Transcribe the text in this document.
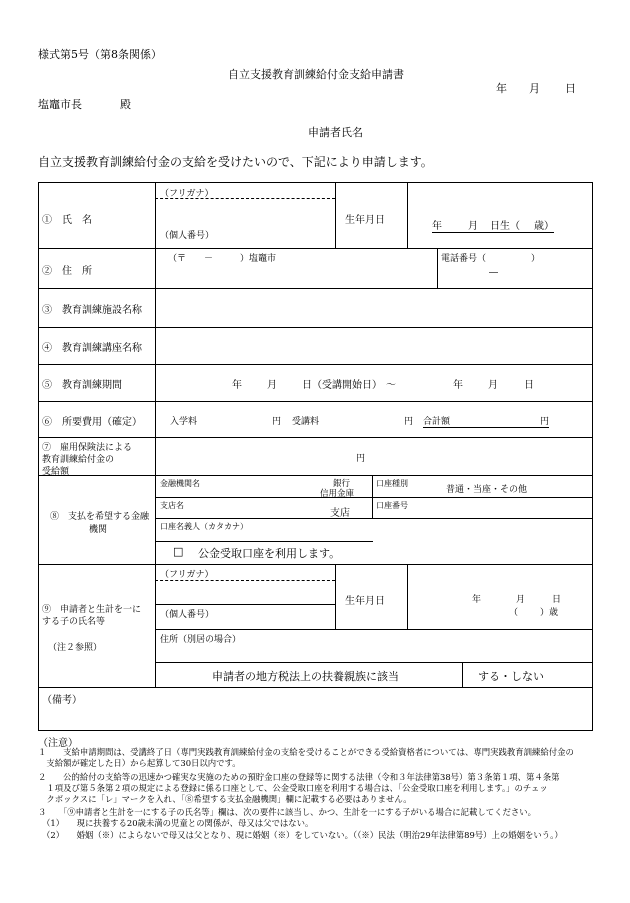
様式第5号（第8条関係）
自立支援教育訓練給付金支給申請書
年 月 日
塩竈市長	殿
申請者氏名
自立支援教育訓練給付金の支給を受けたいので、下記により申請します。
①　氏　名
（フリガナ）
（個人番号）
生年月日
年	月 日生（ 歳）
②　住　所
（〒　　－　　　）塩竈市	電話番号（　　　　　）
―
③　教育訓練施設名称
④　教育訓練講座名称
⑤　教育訓練期間	年	月	日（受講開始日） ～	年	月	日
⑥　所要費用（確定）	入学料	円 受講料	円 合計額	円
⑦　雇用保険法による
教育訓練給付金の
受給額
円
⑧　支払を希望する金融
機関
金融機関名	銀行
信用金庫
口座種別
普通・当座・その他
支店名
支店
口座番号
口座名義人（カタカナ）
□ 公金受取口座を利用します。
⑨　申請者と生計を一に
する子の氏名等
（注２参照）
（フリガナ）
（個人番号）
生年月日	年	月	日
（ ）歳
住所（別居の場合）
申請者の地方税法上の扶養親族に該当	する・しない
（備考）
（注意）
１　　支給申請期間は、受講終了日（専門実践教育訓練給付金の支給を受けることができる受給資格者については、専門実践教育訓練給付金の
　支給額が確定した日）から起算して30日以内です。
２　　公的給付の支給等の迅速かつ確実な実施のための預貯金口座の登録等に関する法律（令和３年法律第38号）第３条第１項、第４条第
　１項及び第５条第２項の規定による登録に係る口座として、公金受取口座を利用する場合は、「公金受取口座を利用します。」のチェッ
　クボックスに「レ」マークを入れ、「⑧希望する支払金融機関」欄に記載する必要はありません。
３　　「⑨申請者と生計を一にする子の氏名等」欄は、次の要件に該当し、かつ、生計を一にする子がいる場合に記載してください。
（1）　　現に扶養する20歳未満の児童との関係が、母又は父ではない。
（2）　　婚姻（※）によらないで母又は父となり、現に婚姻（※）をしていない。（（※）民法（明治29年法律第89号）上の婚姻をいう。）
